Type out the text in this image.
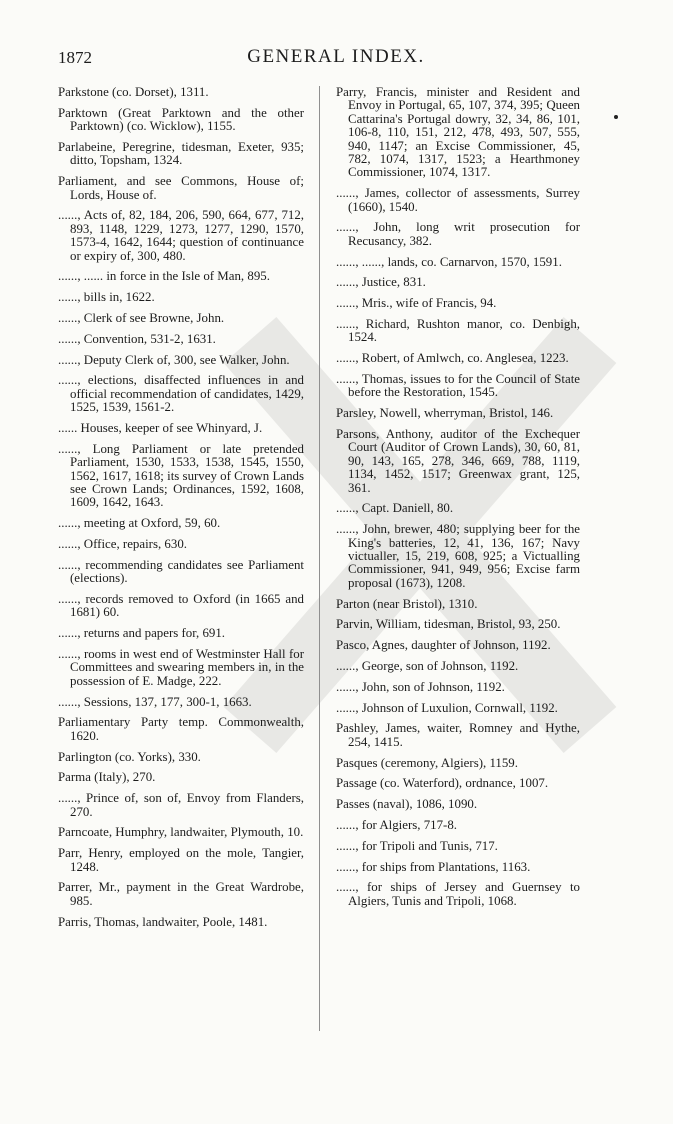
1872	GENERAL INDEX.

Parkstone (co. Dorset), 1311.

Parktown (Great Parktown and the other Parktown) (co. Wicklow), 1155.

Parlabeine, Peregrine, tidesman, Exeter, 935; ditto, Topsham, 1324.

Parliament, and see Commons, House of; Lords, House of.

......, Acts of, 82, 184, 206, 590, 664, 677, 712, 893, 1148, 1229, 1273, 1277, 1290, 1570, 1573-4, 1642, 1644; question of continuance or expiry of, 300, 480.

......, ...... in force in the Isle of Man, 895.

......, bills in, 1622.

......, Clerk of see Browne, John.

......, Convention, 531-2, 1631.

......, Deputy Clerk of, 300, see Walker, John.

......, elections, disaffected influences in and official recommendation of candidates, 1429, 1525, 1539, 1561-2.

...... Houses, keeper of see Whinyard, J.

......, Long Parliament or late pretended Parliament, 1530, 1533, 1538, 1545, 1550, 1562, 1617, 1618; its survey of Crown Lands see Crown Lands; Ordinances, 1592, 1608, 1609, 1642, 1643.

......, meeting at Oxford, 59, 60.

......, Office, repairs, 630.

......, recommending candidates see Parliament (elections).

......, records removed to Oxford (in 1665 and 1681) 60.

......, returns and papers for, 691.

......, rooms in west end of Westminster Hall for Committees and swearing members in, in the possession of E. Madge, 222.

......, Sessions, 137, 177, 300-1, 1663.

Parliamentary Party temp. Commonwealth, 1620.

Parlington (co. Yorks), 330.

Parma (Italy), 270.

......, Prince of, son of, Envoy from Flanders, 270.

Parncoate, Humphry, landwaiter, Plymouth, 10.

Parr, Henry, employed on the mole, Tangier, 1248.

Parrer, Mr., payment in the Great Wardrobe, 985.

Parris, Thomas, landwaiter, Poole, 1481.

Parry, Francis, minister and Resident and Envoy in Portugal, 65, 107, 374, 395; Queen Cattarina's Portugal dowry, 32, 34, 86, 101, 106-8, 110, 151, 212, 478, 493, 507, 555, 940, 1147; an Excise Commissioner, 45, 782, 1074, 1317, 1523; a Hearthmoney Commissioner, 1074, 1317.

......, James, collector of assessments, Surrey (1660), 1540.

......, John, long writ prosecution for Recusancy, 382.

......, ......, lands, co. Carnarvon, 1570, 1591.

......, Justice, 831.

......, Mris., wife of Francis, 94.

......, Richard, Rushton manor, co. Denbigh, 1524.

......, Robert, of Amlwch, co. Anglesea, 1223.

......, Thomas, issues to for the Council of State before the Restoration, 1545.

Parsley, Nowell, wherryman, Bristol, 146.

Parsons, Anthony, auditor of the Exchequer Court (Auditor of Crown Lands), 30, 60, 81, 90, 143, 165, 278, 346, 669, 788, 1119, 1134, 1452, 1517; Greenwax grant, 125, 361.

......, Capt. Daniell, 80.

......, John, brewer, 480; supplying beer for the King's batteries, 12, 41, 136, 167; Navy victualler, 15, 219, 608, 925; a Victualling Commissioner, 941, 949, 956; Excise farm proposal (1673), 1208.

Parton (near Bristol), 1310.

Parvin, William, tidesman, Bristol, 93, 250.

Pasco, Agnes, daughter of Johnson, 1192.

......, George, son of Johnson, 1192.

......, John, son of Johnson, 1192.

......, Johnson of Luxulion, Cornwall, 1192.

Pashley, James, waiter, Romney and Hythe, 254, 1415.

Pasques (ceremony, Algiers), 1159.

Passage (co. Waterford), ordnance, 1007.

Passes (naval), 1086, 1090.

......, for Algiers, 717-8.

......, for Tripoli and Tunis, 717.

......, for ships from Plantations, 1163.

......, for ships of Jersey and Guernsey to Algiers, Tunis and Tripoli, 1068.
